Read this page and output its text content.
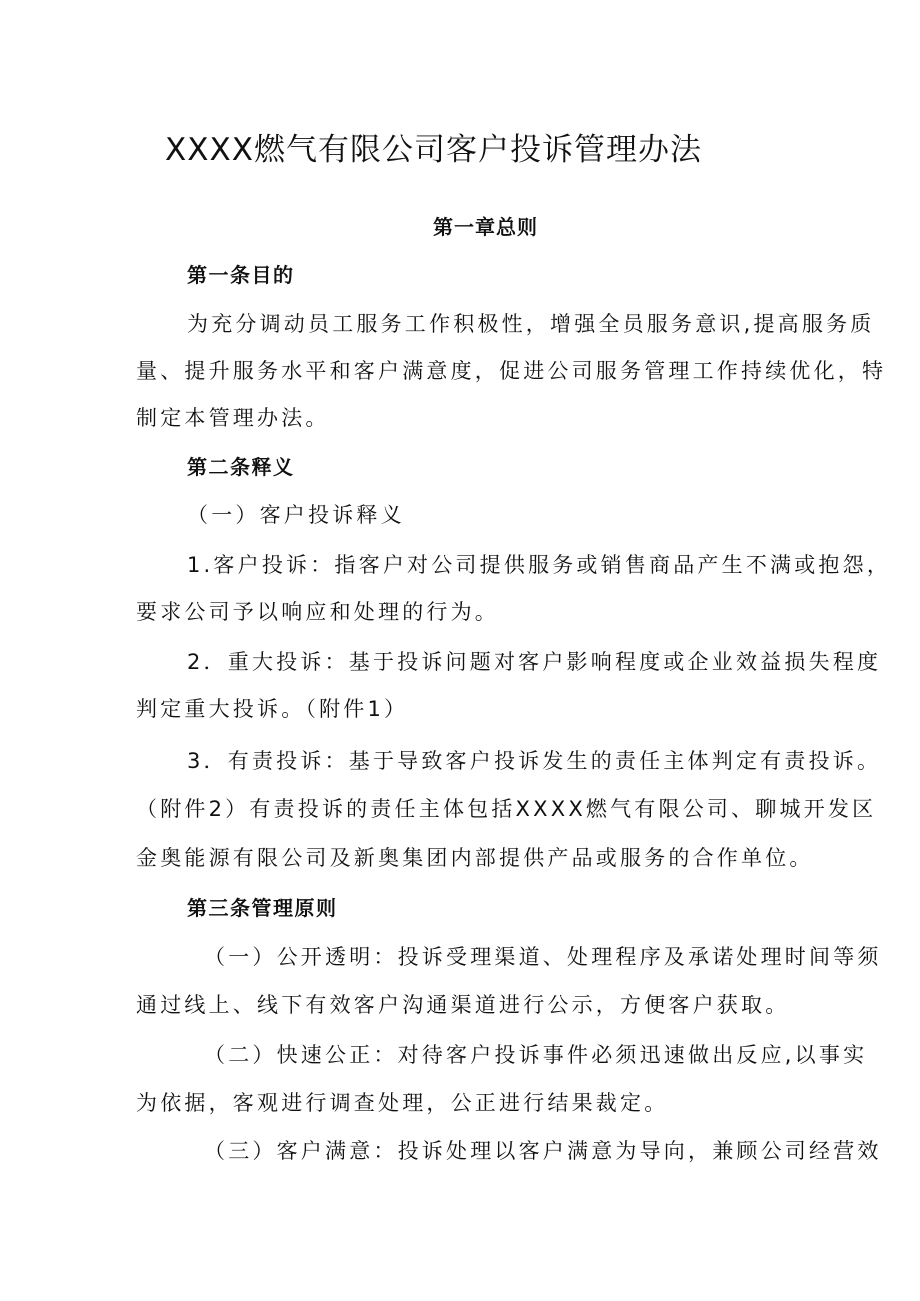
XXXX燃气有限公司客户投诉管理办法
第一章总则
第一条目的
为充分调动员工服务工作积极性，增强全员服务意识,提高服务质
量、提升服务水平和客户满意度，促进公司服务管理工作持续优化，特
制定本管理办法。
第二条释义
（一）客户投诉释义
1.客户投诉：指客户对公司提供服务或销售商品产生不满或抱怨，
要求公司予以响应和处理的行为。
2．重大投诉：基于投诉问题对客户影响程度或企业效益损失程度
判定重大投诉。（附件1）
3．有责投诉：基于导致客户投诉发生的责任主体判定有责投诉。
（附件2）有责投诉的责任主体包括XXXX燃气有限公司、聊城开发区
金奥能源有限公司及新奥集团内部提供产品或服务的合作单位。
第三条管理原则
（一）公开透明：投诉受理渠道、处理程序及承诺处理时间等须
通过线上、线下有效客户沟通渠道进行公示，方便客户获取。
（二）快速公正：对待客户投诉事件必须迅速做出反应,以事实
为依据，客观进行调查处理，公正进行结果裁定。
（三）客户满意：投诉处理以客户满意为导向，兼顾公司经营效
